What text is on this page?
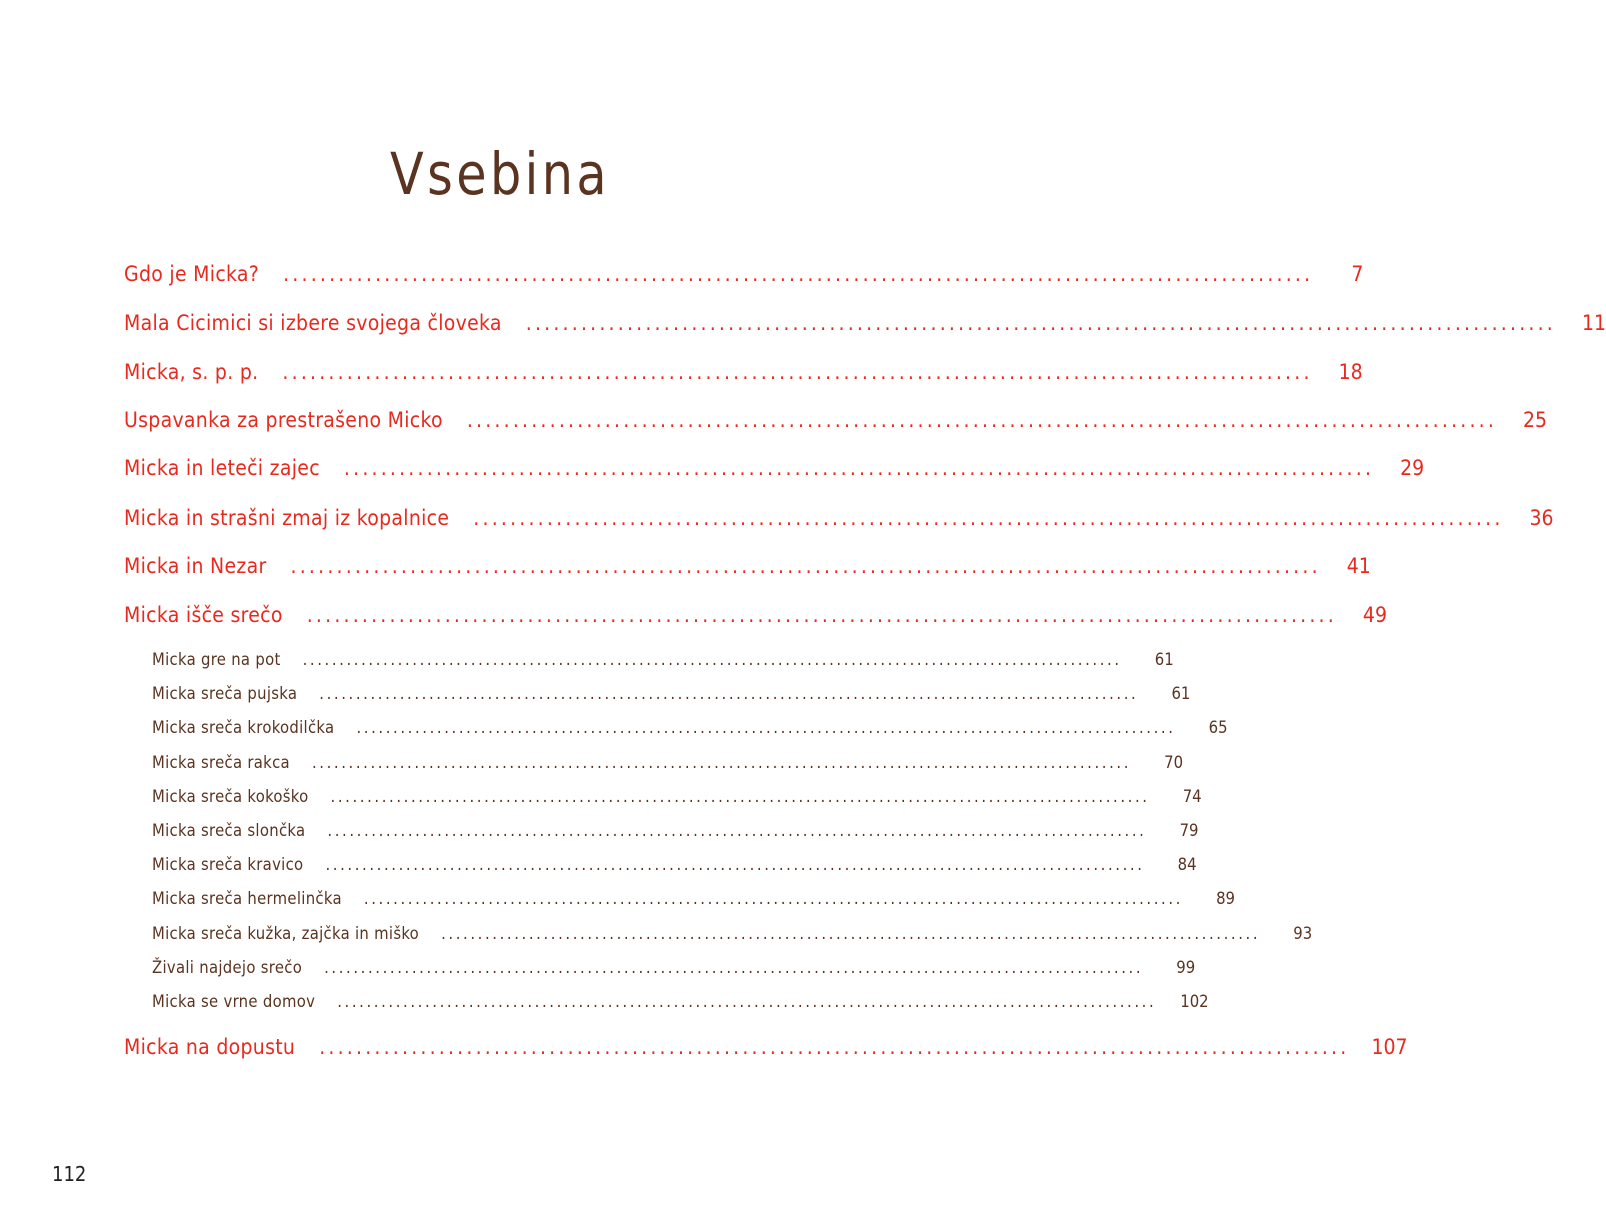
Vsebina
Gdo je Micka? ................................................................................................................	7
Mala Cicimici si izbere svojega človeka ................................................................................................................ 11
Micka, s. p. p. ................................................................................................................ 18
Uspavanka za prestrašeno Micko ................................................................................................................ 25
Micka in leteči zajec ................................................................................................................ 29
Micka in strašni zmaj iz kopalnice ................................................................................................................ 36
Micka in Nezar ................................................................................................................ 41
Micka išče srečo ................................................................................................................ 49
Micka gre na pot ................................................................................................................	61
Micka sreča pujska ................................................................................................................	61
Micka sreča krokodilčka ................................................................................................................	65
Micka sreča rakca ................................................................................................................	70
Micka sreča kokoško ................................................................................................................	74
Micka sreča slončka ................................................................................................................	79
Micka sreča kravico ................................................................................................................	84
Micka sreča hermelinčka ................................................................................................................	89
Micka sreča kužka, zajčka in miško ................................................................................................................	93
Živali najdejo srečo ................................................................................................................	99
Micka se vrne domov ................................................................................................................ 102
Micka na dopustu ................................................................................................................ 107
112
